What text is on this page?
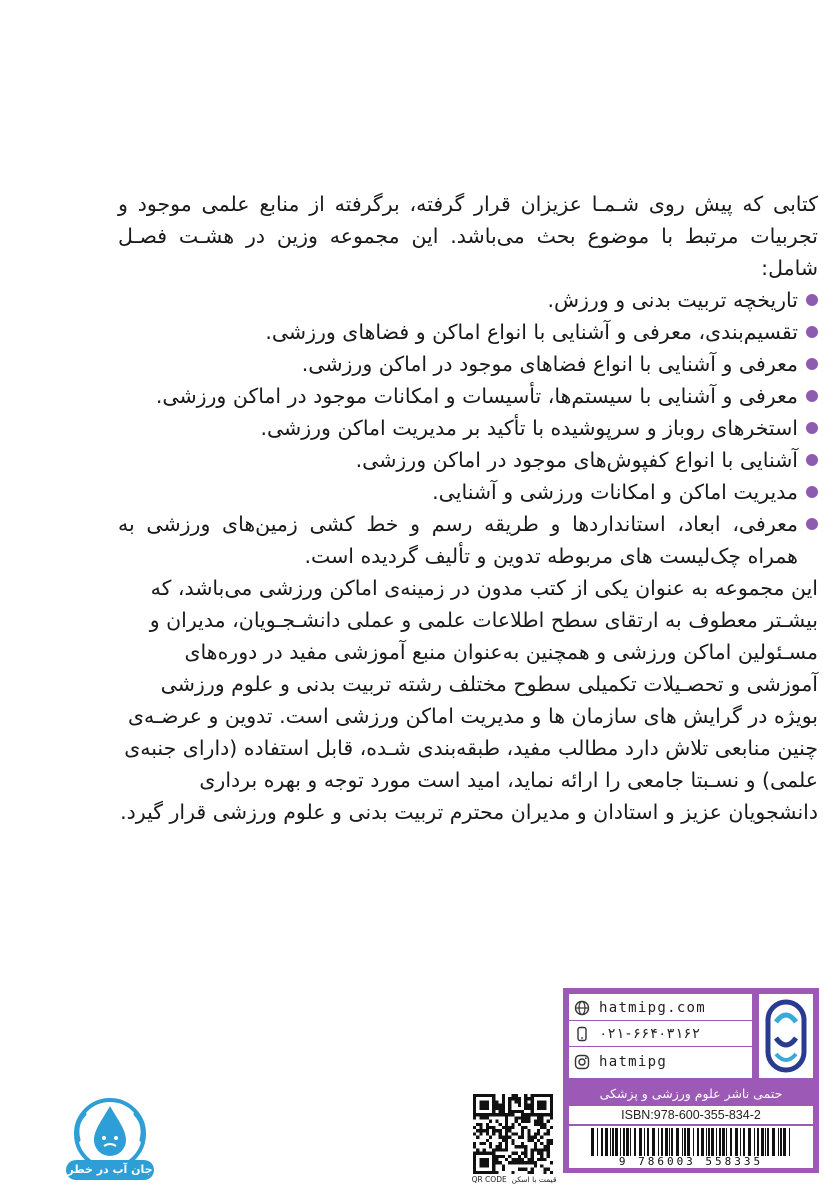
کتابی که پیش روی شـمـا عزیزان قرار گرفته، برگرفته از منابع علمی موجود و تجربیات مرتبط با موضوع بحث می‌باشد. این مجموعه وزین در هشـت فصـل شامل:

تاریخچه تربیت بدنی و ورزش.
تقسیم‌بندی، معرفی و آشنایی با انواع اماکن و فضاهای ورزشی.
معرفی و آشنایی با انواع فضاهای موجود در اماکن ورزشی.
معرفی و آشنایی با سیستم‌ها، تأسیسات و امکانات موجود در اماکن ورزشی.
استخرهای روباز و سرپوشیده با تأکید بر مدیریت اماکن ورزشی.
آشنایی با انواع کفپوش‌های موجود در اماکن ورزشی.
مدیریت اماکن و امکانات ورزشی و آشنایی.
معرفی، ابعاد، استانداردها و طریقه رسم و خط کشی زمین‌های ورزشی به همراه چک‌لیست های مربوطه تدوین و تألیف گردیده است.

این مجموعه به عنوان یکی از کتب مدون در زمینه‌ی اماکن ورزشی می‌باشد، که بیشـتر معطوف به ارتقای سطح اطلاعات علمی و عملی دانشـجـویان، مدیران و مسـئولین اماکن ورزشی و همچنین به‌عنوان منبع آموزشی مفید در دوره‌های آموزشی و تحصـیلات تکمیلی سطوح مختلف رشته تربیت بدنی و علوم ورزشی بویژه در گرایش‌ های سازمان‌ ها و مدیریت اماکن ورزشی است. تدوین و عرضـه‌ی چنین منابعی تلاش دارد مطالب مفید، طبقه‌بندی شـده، قابل استفاده (دارای جنبه‌ی علمی) و نسـبتا جامعی را ارائه نماید، امید است مورد توجه و بهره برداری دانشجویان عزیز و استادان و مدیران محترم تربیت بدنی و علوم ورزشی قرار گیرد.

QR CODE قیمت با اسکن
hatmipg.com
۰۲۱-۶۶۴۰۳۱۶۲
hatmipg
حتمی ناشر علوم ورزشی و پزشکی
ISBN:978-600-355-834-2
9 786003 558335
جان آب در خطر است
